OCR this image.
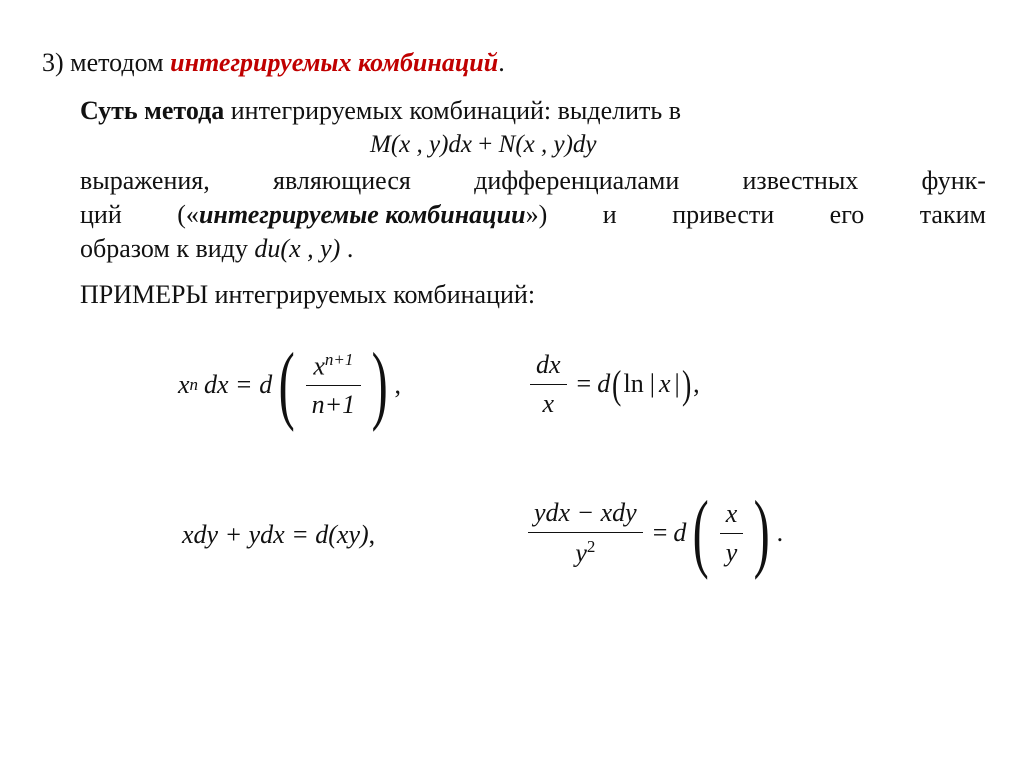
3) методом интегрируемых комбинаций.
Суть метода интегрируемых комбинаций: выделить в
M(x , y)dx + N(x , y)dy
выражения, являющиеся дифференциалами известных функ-
ций («интегрируемые комбинации») и привести его таким
образом к виду du(x , y) .
ПРИМЕРЫ интегрируемых комбинаций:
x n dx = d ( $\frac{x^{n+1}}{n+1}$ ) ,	$\frac{dx}{x} = d$ ( ln | x | ) ,
xdy + ydx = d(xy),	$\frac{\text{ydx − xdy}}{y^2} = d$ ( $\frac{x}{y}$ ) .
